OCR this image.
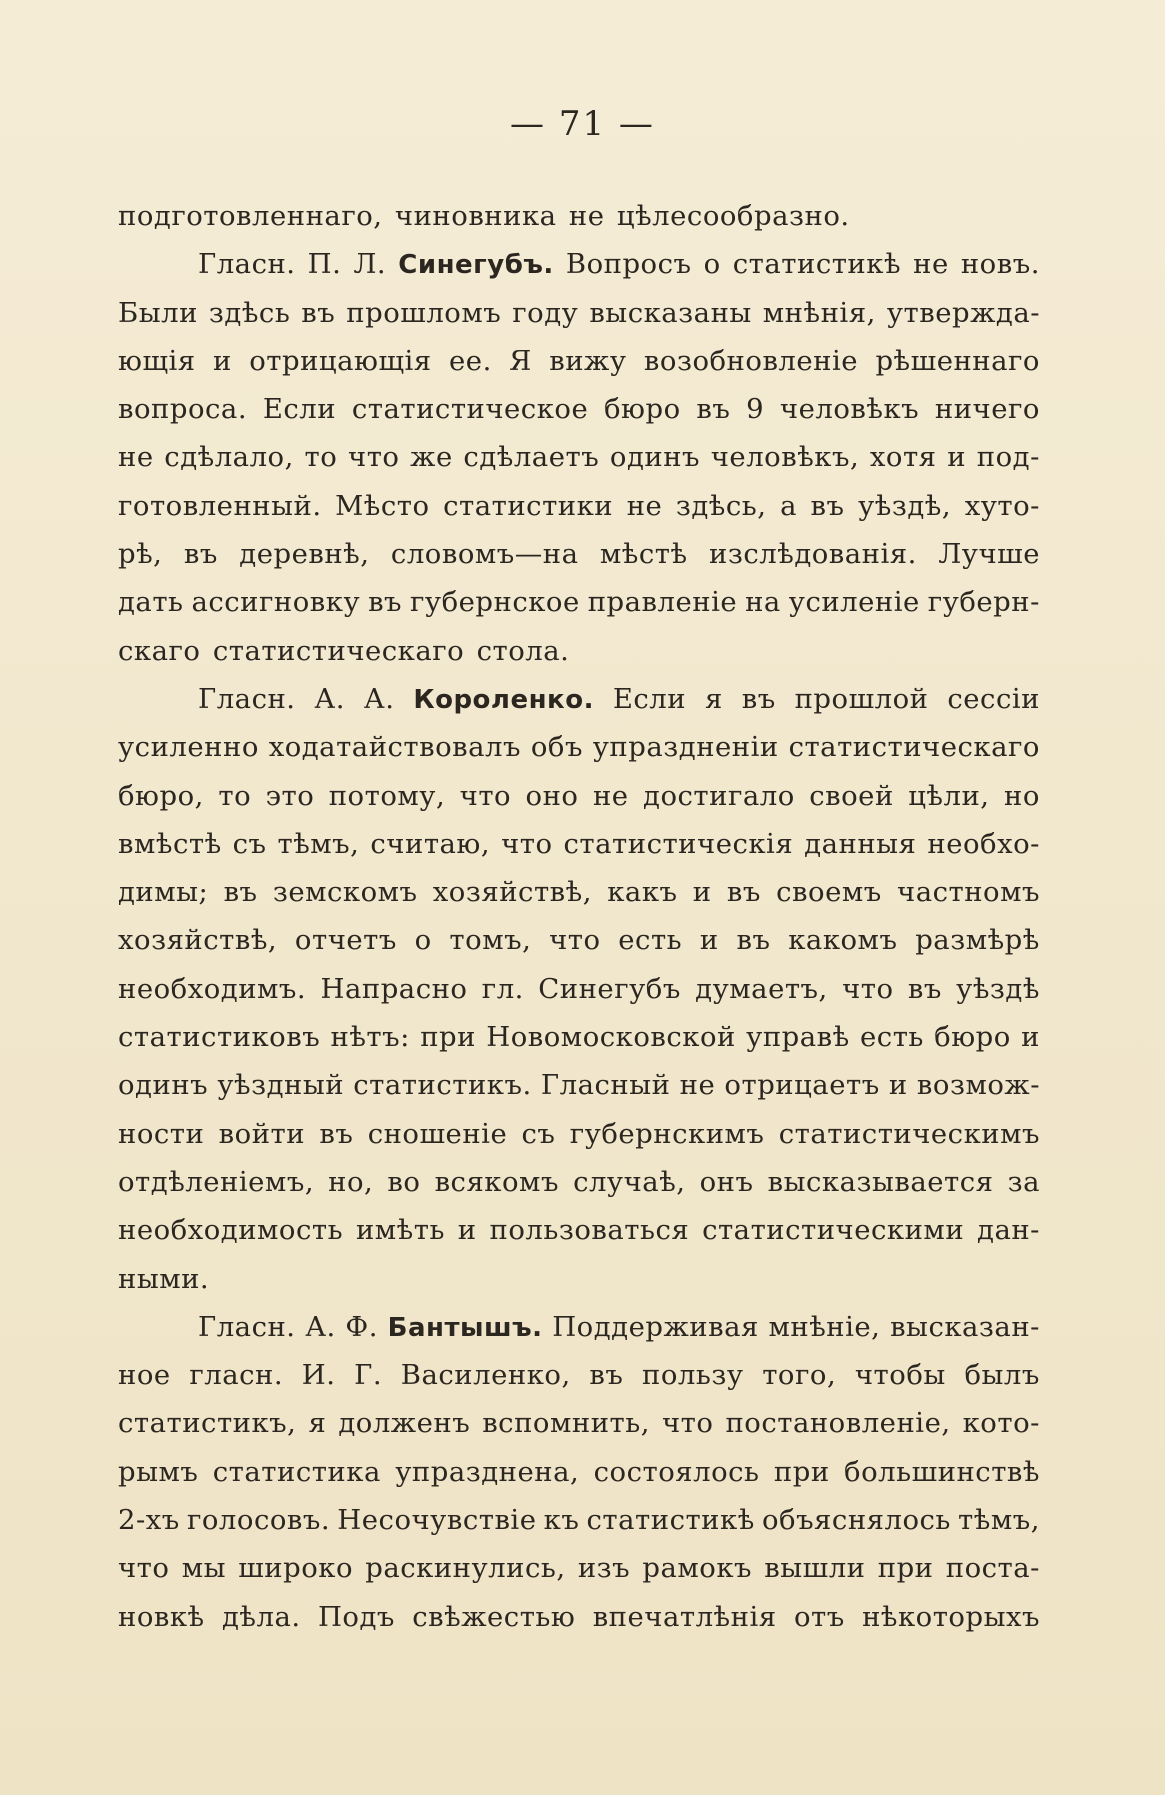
— 71 —
подготовленнаго, чиновника не цѣлесообразно.
Гласн. П. Л. Синегубъ. Вопросъ о статистикѣ не новъ.
Были здѣсь въ прошломъ году высказаны мнѣнія, утвержда-
ющія и отрицающія ее. Я вижу возобновленіе рѣшеннаго
вопроса. Если статистическое бюро въ 9 человѣкъ ничего
не сдѣлало, то что же сдѣлаетъ одинъ человѣкъ, хотя и под-
готовленный. Мѣсто статистики не здѣсь, а въ уѣздѣ, хуто-
рѣ, въ деревнѣ, словомъ—на мѣстѣ изслѣдованія. Лучше
дать ассигновку въ губернское правленіе на усиленіе губерн-
скаго статистическаго стола.
Гласн. А. А. Короленко. Если я въ прошлой сессіи
усиленно ходатайствовалъ объ упраздненіи статистическаго
бюро, то это потому, что оно не достигало своей цѣли, но
вмѣстѣ съ тѣмъ, считаю, что статистическія данныя необхо-
димы; въ земскомъ хозяйствѣ, какъ и въ своемъ частномъ
хозяйствѣ, отчетъ о томъ, что есть и въ какомъ размѣрѣ
необходимъ. Напрасно гл. Синегубъ думаетъ, что въ уѣздѣ
статистиковъ нѣтъ: при Новомосковской управѣ есть бюро и
одинъ уѣздный статистикъ. Гласный не отрицаетъ и возмож-
ности войти въ сношеніе съ губернскимъ статистическимъ
отдѣленіемъ, но, во всякомъ случаѣ, онъ высказывается за
необходимость имѣть и пользоваться статистическими дан-
ными.
Гласн. А. Ф. Бантышъ. Поддерживая мнѣніе, высказан-
ное гласн. И. Г. Василенко, въ пользу того, чтобы былъ
статистикъ, я долженъ вспомнить, что постановленіе, кото-
рымъ статистика упразднена, состоялось при большинствѣ
2-хъ голосовъ. Несочувствіе къ статистикѣ объяснялось тѣмъ,
что мы широко раскинулись, изъ рамокъ вышли при поста-
новкѣ дѣла. Подъ свѣжестью впечатлѣнія отъ нѣкоторыхъ
